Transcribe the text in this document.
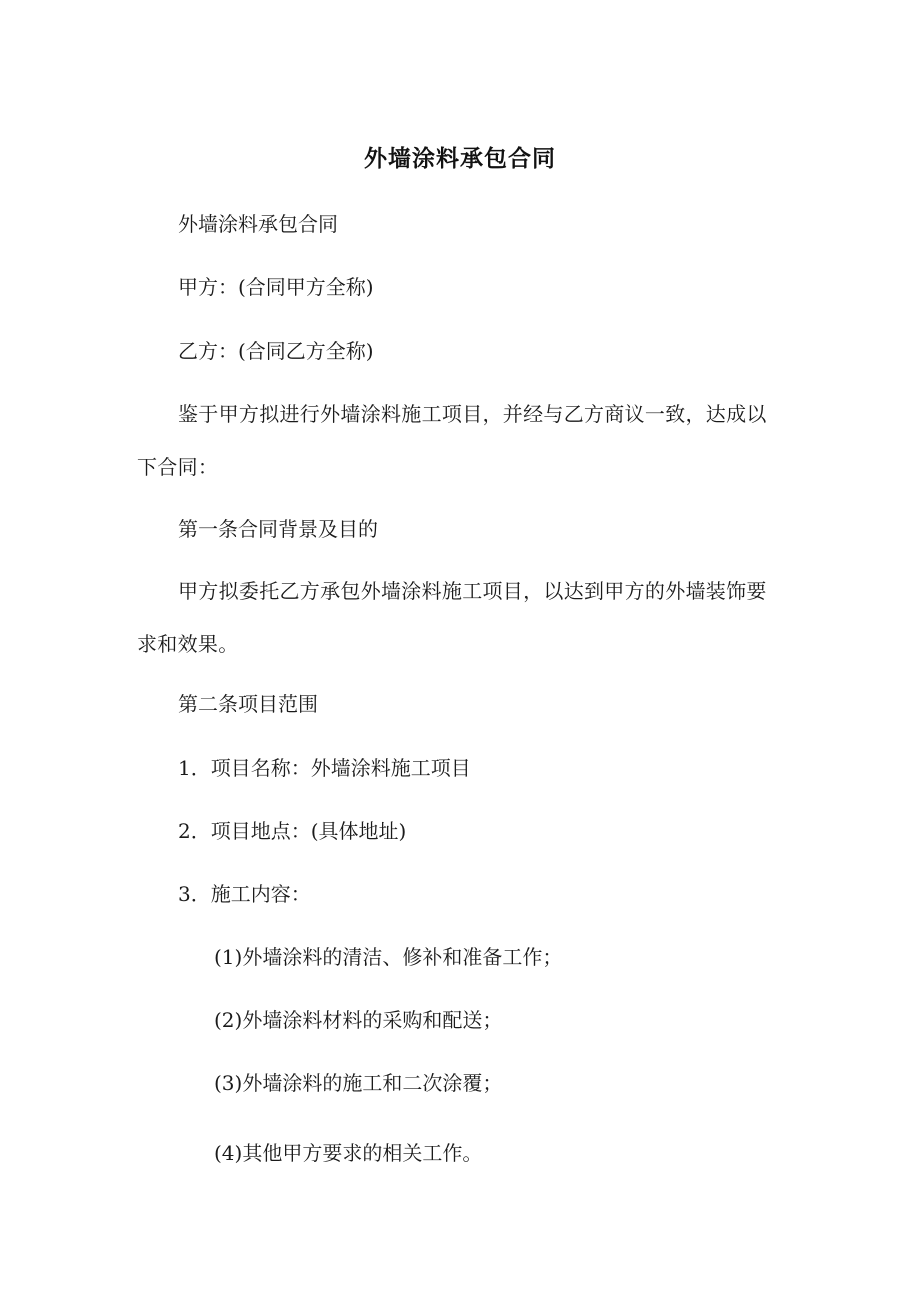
外墙涂料承包合同
外墙涂料承包合同
甲方：(合同甲方全称)
乙方：(合同乙方全称)
鉴于甲方拟进行外墙涂料施工项目，并经与乙方商议一致，达成以下合同：
第一条合同背景及目的
甲方拟委托乙方承包外墙涂料施工项目，以达到甲方的外墙装饰要求和效果。
第二条项目范围
1．项目名称：外墙涂料施工项目
2．项目地点：(具体地址)
3．施工内容：
(1)外墙涂料的清洁、修补和准备工作；
(2)外墙涂料材料的采购和配送；
(3)外墙涂料的施工和二次涂覆；
(4)其他甲方要求的相关工作。
